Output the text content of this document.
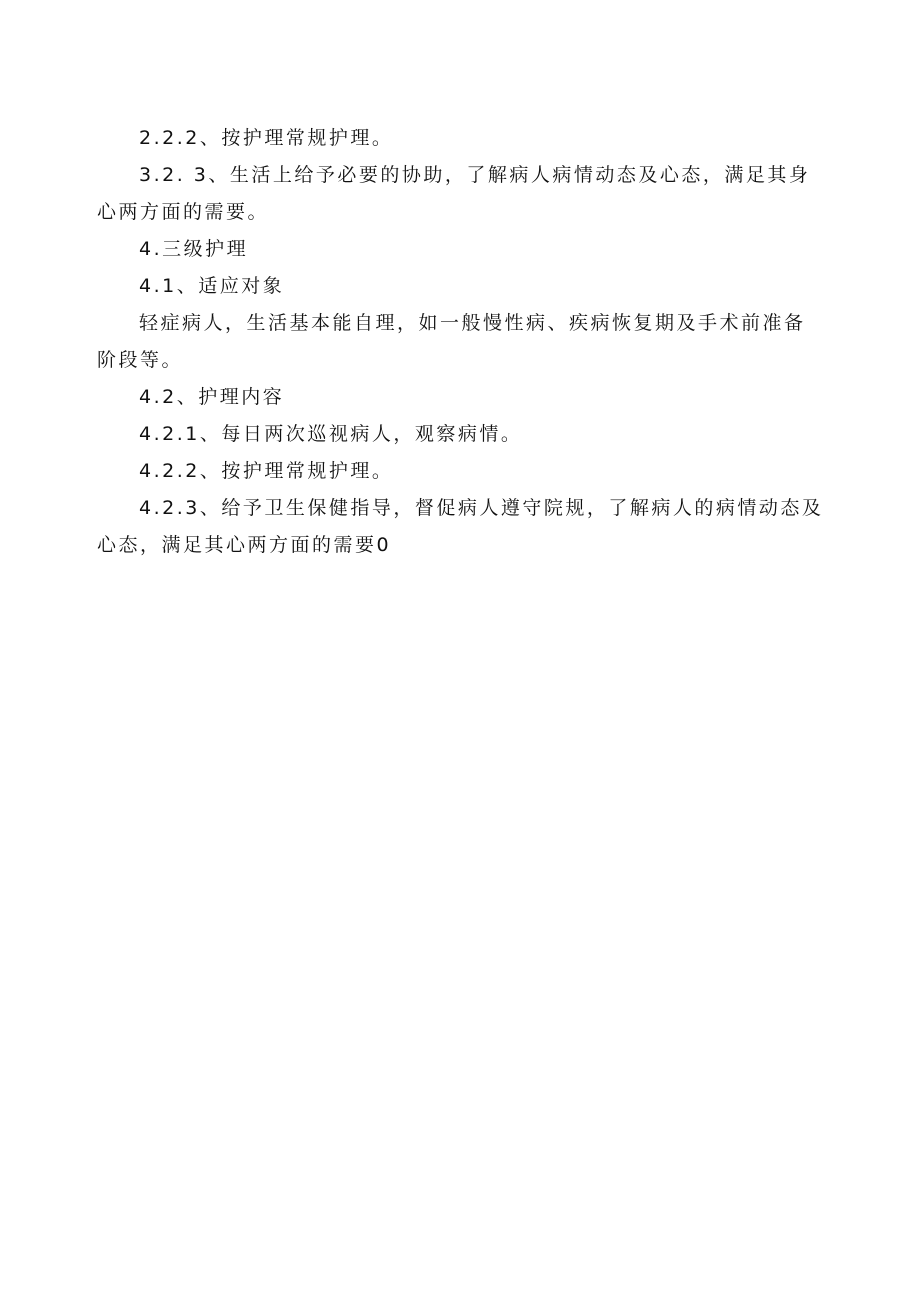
2.2.2、按护理常规护理。

3.2. 3、生活上给予必要的协助，了解病人病情动态及心态，满足其身心两方面的需要。

4.三级护理

4.1、适应对象

轻症病人，生活基本能自理，如一般慢性病、疾病恢复期及手术前准备阶段等。

4.2、护理内容

4.2.1、每日两次巡视病人，观察病情。

4.2.2、按护理常规护理。

4.2.3、给予卫生保健指导，督促病人遵守院规，了解病人的病情动态及心态，满足其心两方面的需要0
